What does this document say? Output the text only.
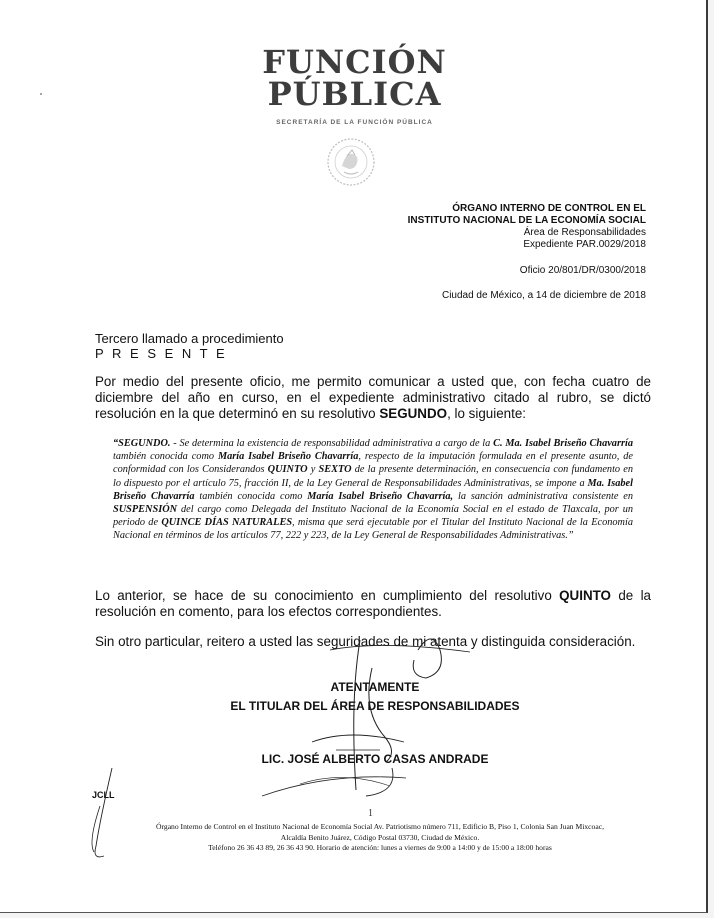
FUNCIÓN
PÚBLICA
SECRETARÍA DE LA FUNCIÓN PÚBLICA
ÓRGANO INTERNO DE CONTROL EN EL
INSTITUTO NACIONAL DE LA ECONOMÍA SOCIAL
Área de Responsabilidades
Expediente PAR.0029/2018
Oficio 20/801/DR/0300/2018
Ciudad de México, a 14 de diciembre de 2018
Tercero llamado a procedimiento
P R E S E N T E
Por medio del presente oficio, me permito comunicar a usted que, con fecha cuatro de diciembre del año en curso, en el expediente administrativo citado al rubro, se dictó resolución en la que determinó en su resolutivo SEGUNDO, lo siguiente:
“SEGUNDO. - Se determina la existencia de responsabilidad administrativa a cargo de la C. Ma. Isabel Briseño Chavarría también conocida como María Isabel Briseño Chavarría, respecto de la imputación formulada en el presente asunto, de conformidad con los Considerandos QUINTO y SEXTO de la presente determinación, en consecuencia con fundamento en lo dispuesto por el artículo 75, fracción II, de la Ley General de Responsabilidades Administrativas, se impone a Ma. Isabel Briseño Chavarría también conocida como María Isabel Briseño Chavarría, la sanción administrativa consistente en SUSPENSIÓN del cargo como Delegada del Instituto Nacional de la Economía Social en el estado de Tlaxcala, por un periodo de QUINCE DÍAS NATURALES, misma que será ejecutable por el Titular del Instituto Nacional de la Economía Nacional en términos de los artículos 77, 222 y 223, de la Ley General de Responsabilidades Administrativas.”
Lo anterior, se hace de su conocimiento en cumplimiento del resolutivo QUINTO de la resolución en comento, para los efectos correspondientes.
Sin otro particular, reitero a usted las seguridades de mi atenta y distinguida consideración.
ATENTAMENTE
EL TITULAR DEL ÁREA DE RESPONSABILIDADES
LIC. JOSÉ ALBERTO CASAS ANDRADE
JCLL
1
Órgano Interno de Control en el Instituto Nacional de Economía Social Av. Patriotismo número 711, Edificio B, Piso 1, Colonia San Juan Mixcoac,
Alcaldía Benito Juárez, Código Postal 03730, Ciudad de México.
Teléfono 26 36 43 89, 26 36 43 90. Horario de atención: lunes a viernes de 9:00 a 14:00 y de 15:00 a 18:00 horas
